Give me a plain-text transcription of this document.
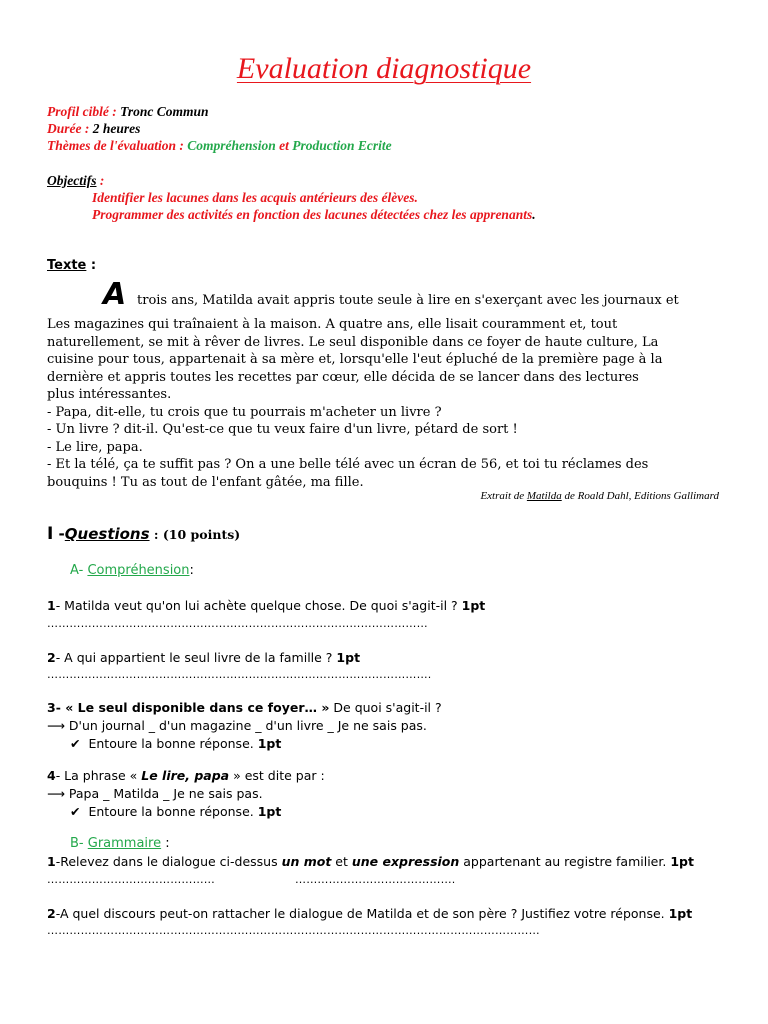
Evaluation diagnostique
Profil ciblé : Tronc Commun
Durée : 2 heures
Thèmes de l'évaluation : Compréhension et Production Ecrite
Objectifs :
Identifier les lacunes dans les acquis antérieurs des élèves.
Programmer des activités en fonction des lacunes détectées chez les apprenants.
Texte :
A trois ans, Matilda avait appris toute seule à lire en s'exerçant avec les journaux et
Les magazines qui traînaient à la maison. A quatre ans, elle lisait couramment et, tout
naturellement, se mit à rêver de livres. Le seul disponible dans ce foyer de haute culture, La
cuisine pour tous, appartenait à sa mère et, lorsqu'elle l'eut épluché de la première page à la
dernière et appris toutes les recettes par cœur, elle décida de se lancer dans des lectures
plus intéressantes.
- Papa, dit-elle, tu crois que tu pourrais m'acheter un livre ?
- Un livre ? dit-il. Qu'est-ce que tu veux faire d'un livre, pétard de sort !
- Le lire, papa.
- Et la télé, ça te suffit pas ? On a une belle télé avec un écran de 56, et toi tu réclames des
bouquins ! Tu as tout de l'enfant gâtée, ma fille.
Extrait de Matilda de Roald Dahl, Editions Gallimard
I -Questions : (10 points)
A- Compréhension:
1- Matilda veut qu'on lui achète quelque chose. De quoi s'agit-il ? 1pt
…………………………………………………………………………………………
2- A qui appartient le seul livre de la famille ? 1pt
………………………………………………………………………………………….
3- « Le seul disponible dans ce foyer… » De quoi s'agit-il ?
⟶ D'un journal _ d'un magazine _ d'un livre _ Je ne sais pas.
✔ Entoure la bonne réponse. 1pt
4- La phrase « Le lire, papa » est dite par :
⟶ Papa _ Matilda _ Je ne sais pas.
✔ Entoure la bonne réponse. 1pt
B- Grammaire :
1-Relevez dans le dialogue ci-dessus un mot et une expression appartenant au registre familier. 1pt
………………………………………	…………………………………….
2-A quel discours peut-on rattacher le dialogue de Matilda et de son père ? Justifiez votre réponse. 1pt
……………………………………………………………………………………………………………………
